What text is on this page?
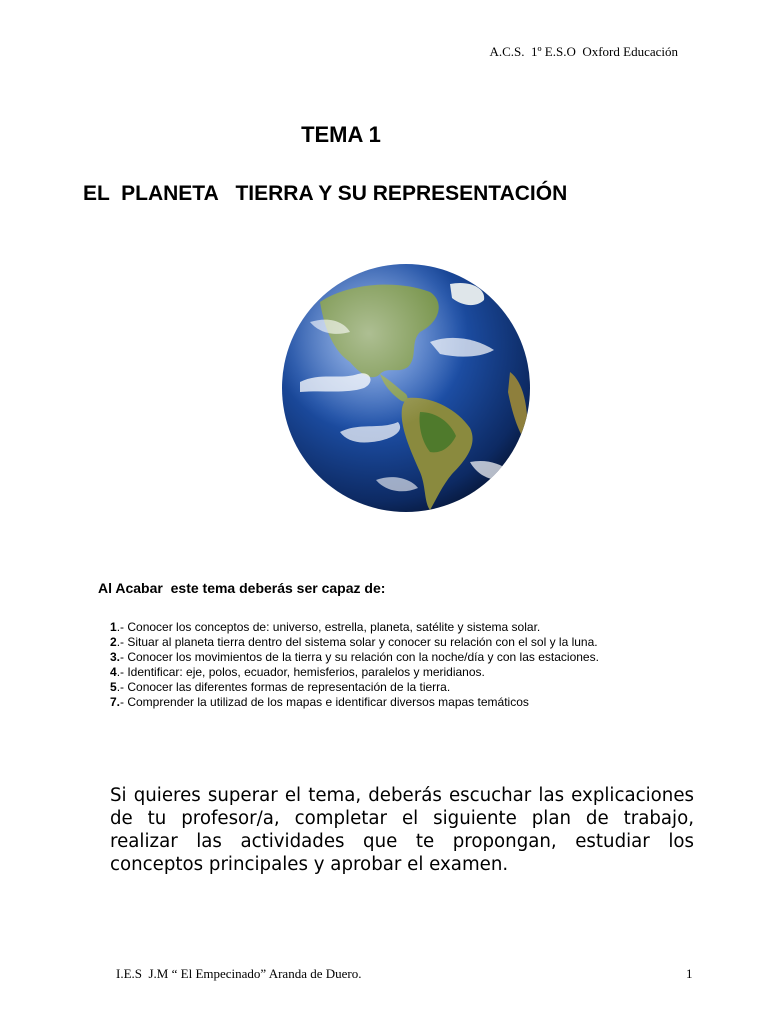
A.C.S.  1º E.S.O  Oxford Educación
TEMA 1
EL  PLANETA   TIERRA Y SU REPRESENTACIÓN
Al Acabar  este tema deberás ser capaz de:
1.- Conocer los conceptos de: universo, estrella, planeta, satélite y sistema solar.
2.- Situar al planeta tierra dentro del sistema solar y conocer su relación con el sol y la luna.
3.- Conocer los movimientos de la tierra y su relación con la noche/día y con las estaciones.
4.- Identificar: eje, polos, ecuador, hemisferios, paralelos y meridianos.
5.- Conocer las diferentes formas de representación de la tierra.
7.- Comprender la utilizad de los mapas e identificar diversos mapas temáticos
Si quieres superar el tema, deberás escuchar las explicaciones de tu profesor/a, completar el siguiente plan de trabajo, realizar las actividades que te propongan, estudiar los conceptos principales y aprobar el examen.
I.E.S  J.M “ El Empecinado” Aranda de Duero.	1
